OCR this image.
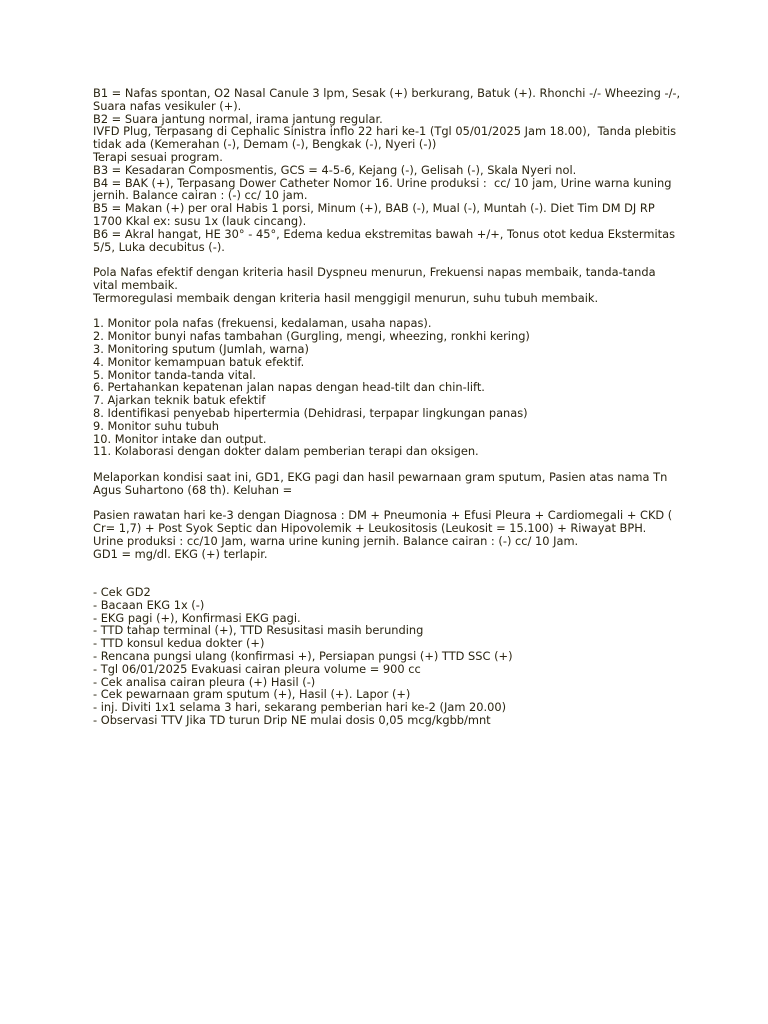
B1 = Nafas spontan, O2 Nasal Canule 3 lpm, Sesak (+) berkurang, Batuk (+). Rhonchi -/- Wheezing -/-, Suara nafas vesikuler (+).

B2 = Suara jantung normal, irama jantung regular.

IVFD Plug, Terpasang di Cephalic Sinistra inflo 22 hari ke-1 (Tgl 05/01/2025 Jam 18.00),  Tanda plebitis tidak ada (Kemerahan (-), Demam (-), Bengkak (-), Nyeri (-))

Terapi sesuai program.

B3 = Kesadaran Composmentis, GCS = 4-5-6, Kejang (-), Gelisah (-), Skala Nyeri nol.

B4 = BAK (+), Terpasang Dower Catheter Nomor 16. Urine produksi :  cc/ 10 jam, Urine warna kuning jernih. Balance cairan : (-) cc/ 10 jam.

B5 = Makan (+) per oral Habis 1 porsi, Minum (+), BAB (-), Mual (-), Muntah (-). Diet Tim DM DJ RP 1700 Kkal ex: susu 1x (lauk cincang).

B6 = Akral hangat, HE 30° - 45°, Edema kedua ekstremitas bawah +/+, Tonus otot kedua Ekstermitas 5/5, Luka decubitus (-).

Pola Nafas efektif dengan kriteria hasil Dyspneu menurun, Frekuensi napas membaik, tanda-tanda vital membaik.

Termoregulasi membaik dengan kriteria hasil menggigil menurun, suhu tubuh membaik.

1. Monitor pola nafas (frekuensi, kedalaman, usaha napas).

2. Monitor bunyi nafas tambahan (Gurgling, mengi, wheezing, ronkhi kering)

3. Monitoring sputum (Jumlah, warna)

4. Monitor kemampuan batuk efektif.

5. Monitor tanda-tanda vital.

6. Pertahankan kepatenan jalan napas dengan head-tilt dan chin-lift.

7. Ajarkan teknik batuk efektif

8. Identifikasi penyebab hipertermia (Dehidrasi, terpapar lingkungan panas)

9. Monitor suhu tubuh

10. Monitor intake dan output.

11. Kolaborasi dengan dokter dalam pemberian terapi dan oksigen.

Melaporkan kondisi saat ini, GD1, EKG pagi dan hasil pewarnaan gram sputum, Pasien atas nama Tn Agus Suhartono (68 th). Keluhan =

Pasien rawatan hari ke-3 dengan Diagnosa : DM + Pneumonia + Efusi Pleura + Cardiomegali + CKD ( Cr= 1,7) + Post Syok Septic dan Hipovolemik + Leukositosis (Leukosit = 15.100) + Riwayat BPH.

Urine produksi : cc/10 Jam, warna urine kuning jernih. Balance cairan : (-) cc/ 10 Jam.

GD1 = mg/dl. EKG (+) terlapir.

- Cek GD2

- Bacaan EKG 1x (-)

- EKG pagi (+), Konfirmasi EKG pagi.

- TTD tahap terminal (+), TTD Resusitasi masih berunding

- TTD konsul kedua dokter (+)

- Rencana pungsi ulang (konfirmasi +), Persiapan pungsi (+) TTD SSC (+)

- Tgl 06/01/2025 Evakuasi cairan pleura volume = 900 cc

- Cek analisa cairan pleura (+) Hasil (-)

- Cek pewarnaan gram sputum (+), Hasil (+). Lapor (+)

- inj. Diviti 1x1 selama 3 hari, sekarang pemberian hari ke-2 (Jam 20.00)

- Observasi TTV Jika TD turun Drip NE mulai dosis 0,05 mcg/kgbb/mnt
